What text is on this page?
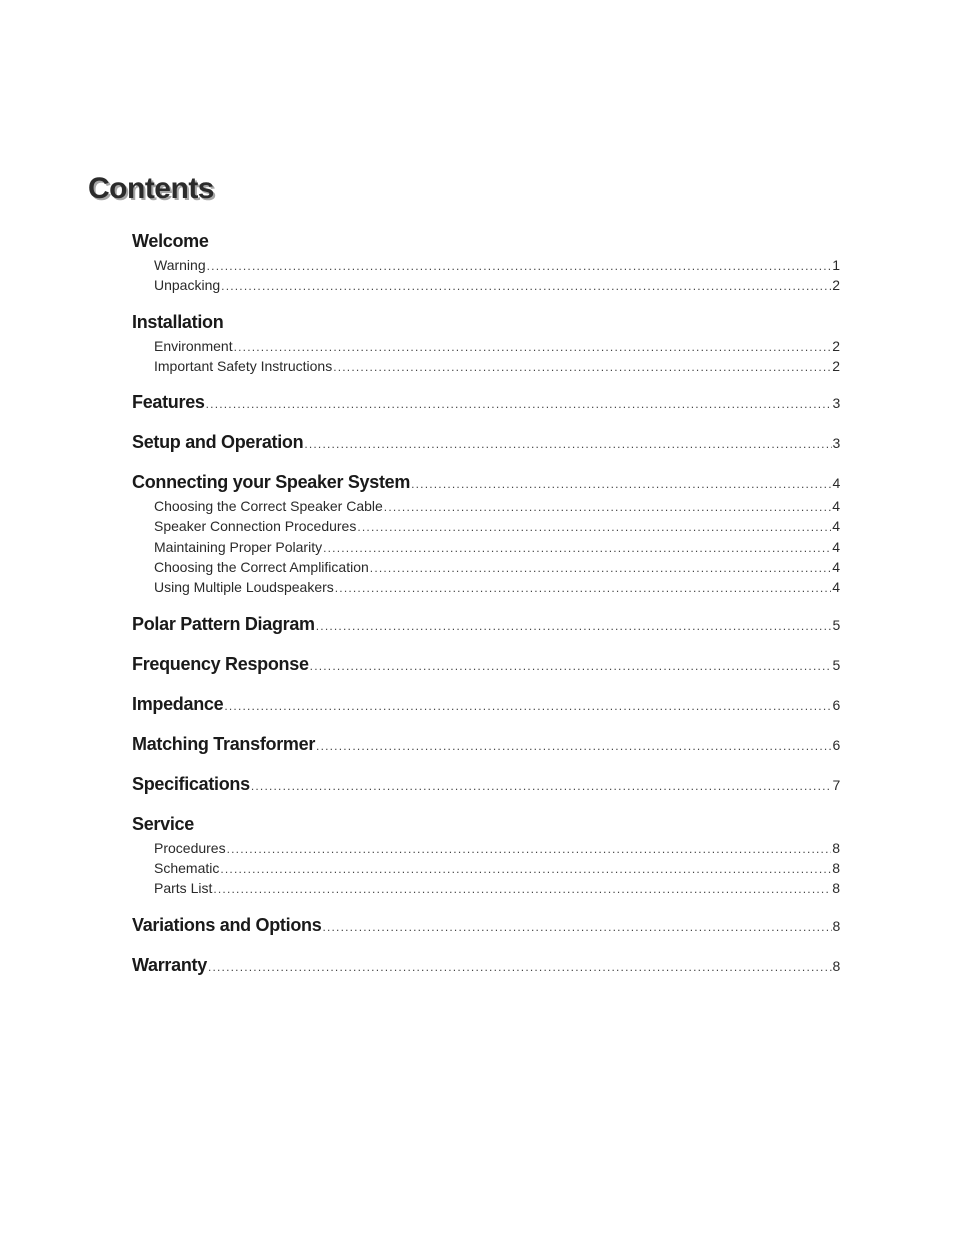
Contents
Welcome
Warning .....	1
Unpacking .....	2
Installation
Environment .....	2
Important Safety Instructions .....	2
Features .....	3
Setup and Operation .....	3
Connecting your Speaker System .....	4
Choosing the Correct Speaker Cable .....	4
Speaker Connection Procedures .....	4
Maintaining Proper Polarity .....	4
Choosing the Correct Amplification .....	4
Using Multiple Loudspeakers .....	4
Polar Pattern Diagram .....	5
Frequency Response .....	5
Impedance .....	6
Matching Transformer .....	6
Specifications .....	7
Service
Procedures .....	8
Schematic .....	8
Parts List .....	8
Variations and Options .....	8
Warranty .....	8
